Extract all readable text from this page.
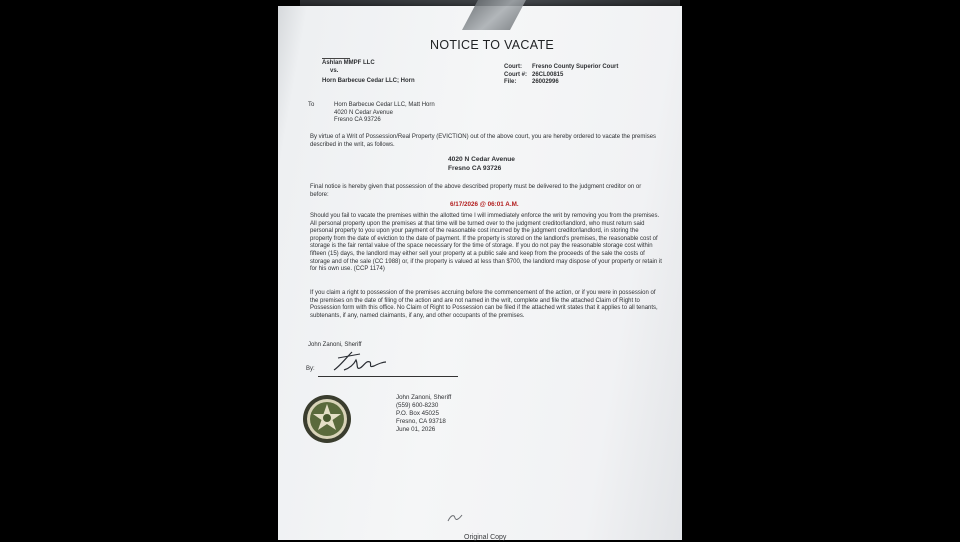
NOTICE TO VACATE
Ashlan MMPF LLC
vs.
Horn Barbecue Cedar LLC; Horn
Court:	Fresno County Superior Court
Court #: 26CL00815
File:	26002996
To	Horn Barbecue Cedar LLC, Matt Horn
4020 N Cedar Avenue
Fresno CA 93726
By virtue of a Writ of Possession/Real Property (EVICTION) out of the above court, you are hereby ordered to vacate the premises described in the writ, as follows.
4020 N Cedar Avenue
Fresno CA 93726
Final notice is hereby given that possession of the above described property must be delivered to the judgment creditor on or before:
6/17/2026 @ 06:01 A.M.
Should you fail to vacate the premises within the allotted time I will immediately enforce the writ by removing you from the premises. All personal property upon the premises at that time will be turned over to the judgment creditor/landlord, who must return said personal property to you upon your payment of the reasonable cost incurred by the judgment creditor/landlord, in storing the property from the date of eviction to the date of payment. If the property is stored on the landlord's premises, the reasonable cost of storage is the fair rental value of the space necessary for the time of storage. If you do not pay the reasonable storage cost within fifteen (15) days, the landlord may either sell your property at a public sale and keep from the proceeds of the sale the costs of storage and of the sale (CC 1988) or, if the property is valued at less than $700, the landlord may dispose of your property or retain it for his own use. (CCP 1174)
If you claim a right to possession of the premises accruing before the commencement of the action, or if you were in possession of the premises on the date of filing of the action and are not named in the writ, complete and file the attached Claim of Right to Possession form with this office. No Claim of Right to Possession can be filed if the attached writ states that it applies to all tenants, subtenants, if any, named claimants, if any, and other occupants of the premises.
John Zanoni, Sheriff
By:
John Zanoni, Sheriff
(559) 600-8230
P.O. Box 45025
Fresno, CA 93718
June 01, 2026
Original Copy
